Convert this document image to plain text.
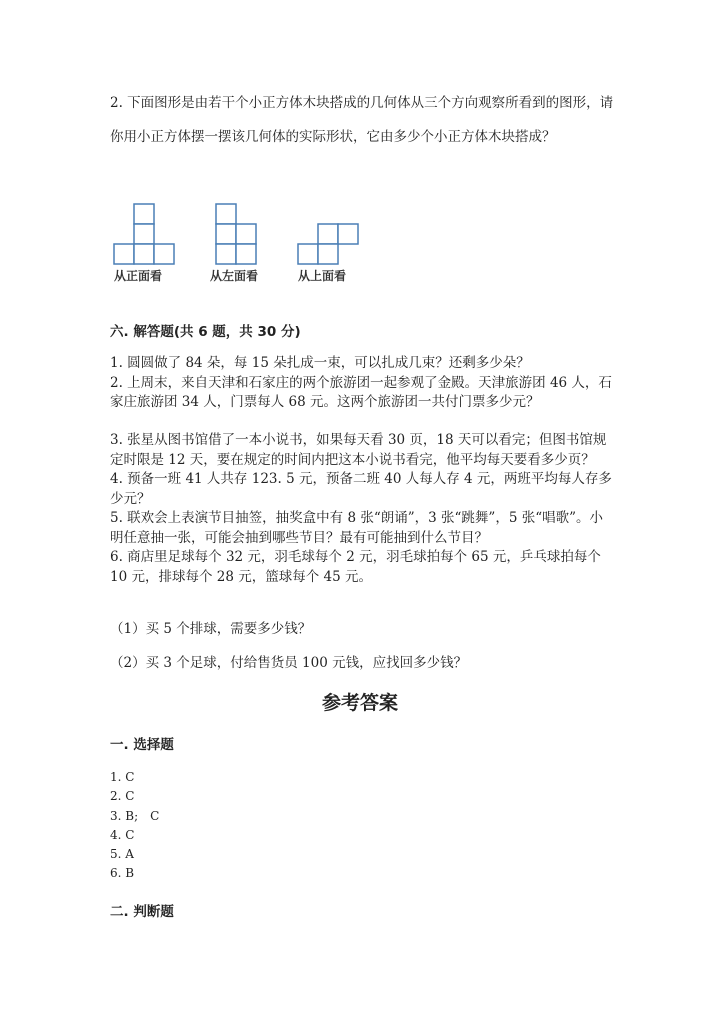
2. 下面图形是由若干个小正方体木块搭成的几何体从三个方向观察所看到的图形，请你用小正方体摆一摆该几何体的实际形状，它由多少个小正方体木块搭成？

从正面看	从左面看	从上面看

六. 解答题(共 6 题，共 30 分)

1. 圆圆做了 84 朵，每 15 朵扎成一束，可以扎成几束？还剩多少朵？
2. 上周末，来自天津和石家庄的两个旅游团一起参观了金殿。天津旅游团 46 人，石家庄旅游团 34 人，门票每人 68 元。这两个旅游团一共付门票多少元？
3. 张星从图书馆借了一本小说书，如果每天看 30 页，18 天可以看完；但图书馆规定时限是 12 天，要在规定的时间内把这本小说书看完，他平均每天要看多少页？
4. 预备一班 41 人共存 123. 5 元，预备二班 40 人每人存 4 元，两班平均每人存多少元？
5. 联欢会上表演节目抽签，抽奖盒中有 8 张“朗诵”，3 张“跳舞”，5 张“唱歌”。小明任意抽一张，可能会抽到哪些节目？最有可能抽到什么节目？
6. 商店里足球每个 32 元，羽毛球每个 2 元，羽毛球拍每个 65 元，乒乓球拍每个 10 元，排球每个 28 元，篮球每个 45 元。

（1）买 5 个排球，需要多少钱？

（2）买 3 个足球，付给售货员 100 元钱，应找回多少钱？

参考答案

一. 选择题

1. C
2. C
3. B;　C
4. C
5. A
6. B

二. 判断题
